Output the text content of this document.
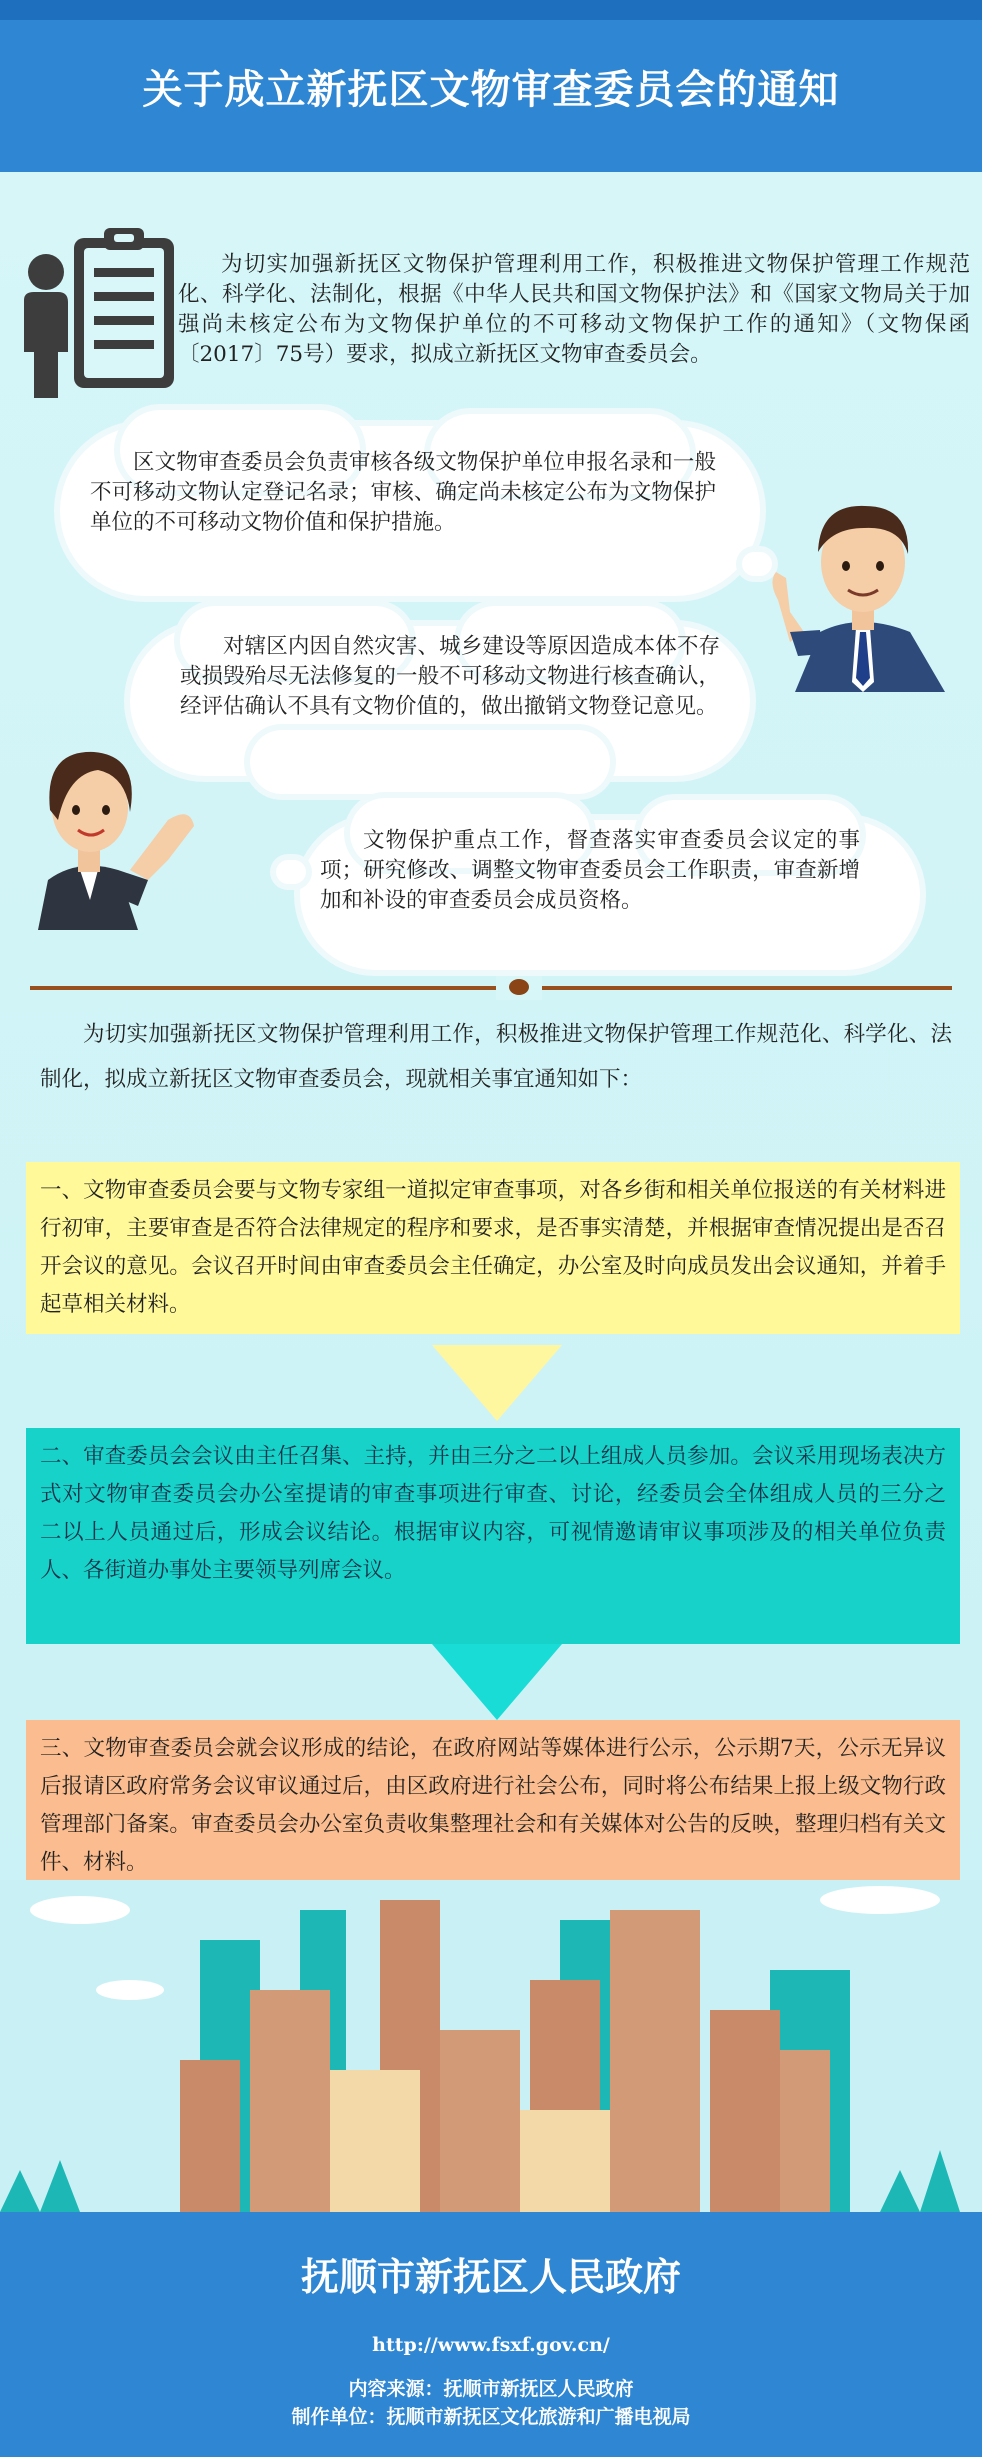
关于成立新抚区文物审查委员会的通知
为切实加强新抚区文物保护管理利用工作，积极推进文物保护管理工作规范化、科学化、法制化，根据《中华人民共和国文物保护法》和《国家文物局关于加强尚未核定公布为文物保护单位的不可移动文物保护工作的通知》（文物保函〔2017〕75号）要求，拟成立新抚区文物审查委员会。
区文物审查委员会负责审核各级文物保护单位申报名录和一般不可移动文物认定登记名录；审核、确定尚未核定公布为文物保护单位的不可移动文物价值和保护措施。
对辖区内因自然灾害、城乡建设等原因造成本体不存或损毁殆尽无法修复的一般不可移动文物进行核查确认，经评估确认不具有文物价值的，做出撤销文物登记意见。
文物保护重点工作，督查落实审查委员会议定的事项；研究修改、调整文物审查委员会工作职责，审查新增加和补设的审查委员会成员资格。
为切实加强新抚区文物保护管理利用工作，积极推进文物保护管理工作规范化、科学化、法制化，拟成立新抚区文物审查委员会，现就相关事宜通知如下：
一、文物审查委员会要与文物专家组一道拟定审查事项，对各乡街和相关单位报送的有关材料进行初审，主要审查是否符合法律规定的程序和要求，是否事实清楚，并根据审查情况提出是否召开会议的意见。会议召开时间由审查委员会主任确定，办公室及时向成员发出会议通知，并着手起草相关材料。
二、审查委员会会议由主任召集、主持，并由三分之二以上组成人员参加。会议采用现场表决方式对文物审查委员会办公室提请的审查事项进行审查、讨论，经委员会全体组成人员的三分之 二以上人员通过后，形成会议结论。根据审议内容，可视情邀请审议事项涉及的相关单位负责人、各街道办事处主要领导列席会议。
三、文物审查委员会就会议形成的结论，在政府网站等媒体进行公示，公示期7天，公示无异议后报请区政府常务会议审议通过后，由区政府进行社会公布，同时将公布结果上报上级文物行政管理部门备案。审查委员会办公室负责收集整理社会和有关媒体对公告的反映，整理归档有关文件、材料。
抚顺市新抚区人民政府
http://www.fsxf.gov.cn/
内容来源：抚顺市新抚区人民政府
制作单位：抚顺市新抚区文化旅游和广播电视局
